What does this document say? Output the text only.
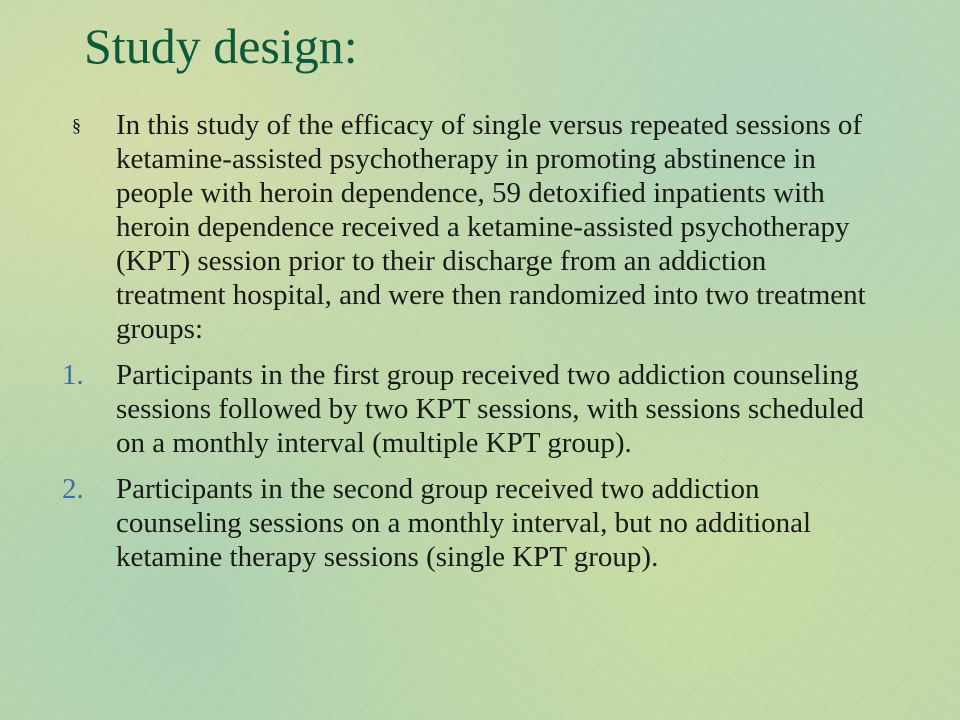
Study design:
§	In this study of the efficacy of single versus repeated sessions of ketamine-assisted psychotherapy in promoting abstinence in people with heroin dependence, 59 detoxified inpatients with heroin dependence received a ketamine-assisted psychotherapy (KPT) session prior to their discharge from an addiction treatment hospital, and were then randomized into two treatment groups:
1.	Participants in the first group received two addiction counseling sessions followed by two KPT sessions, with sessions scheduled on a monthly interval (multiple KPT group).
2.	Participants in the second group received two addiction counseling sessions on a monthly interval, but no additional ketamine therapy sessions (single KPT group).
